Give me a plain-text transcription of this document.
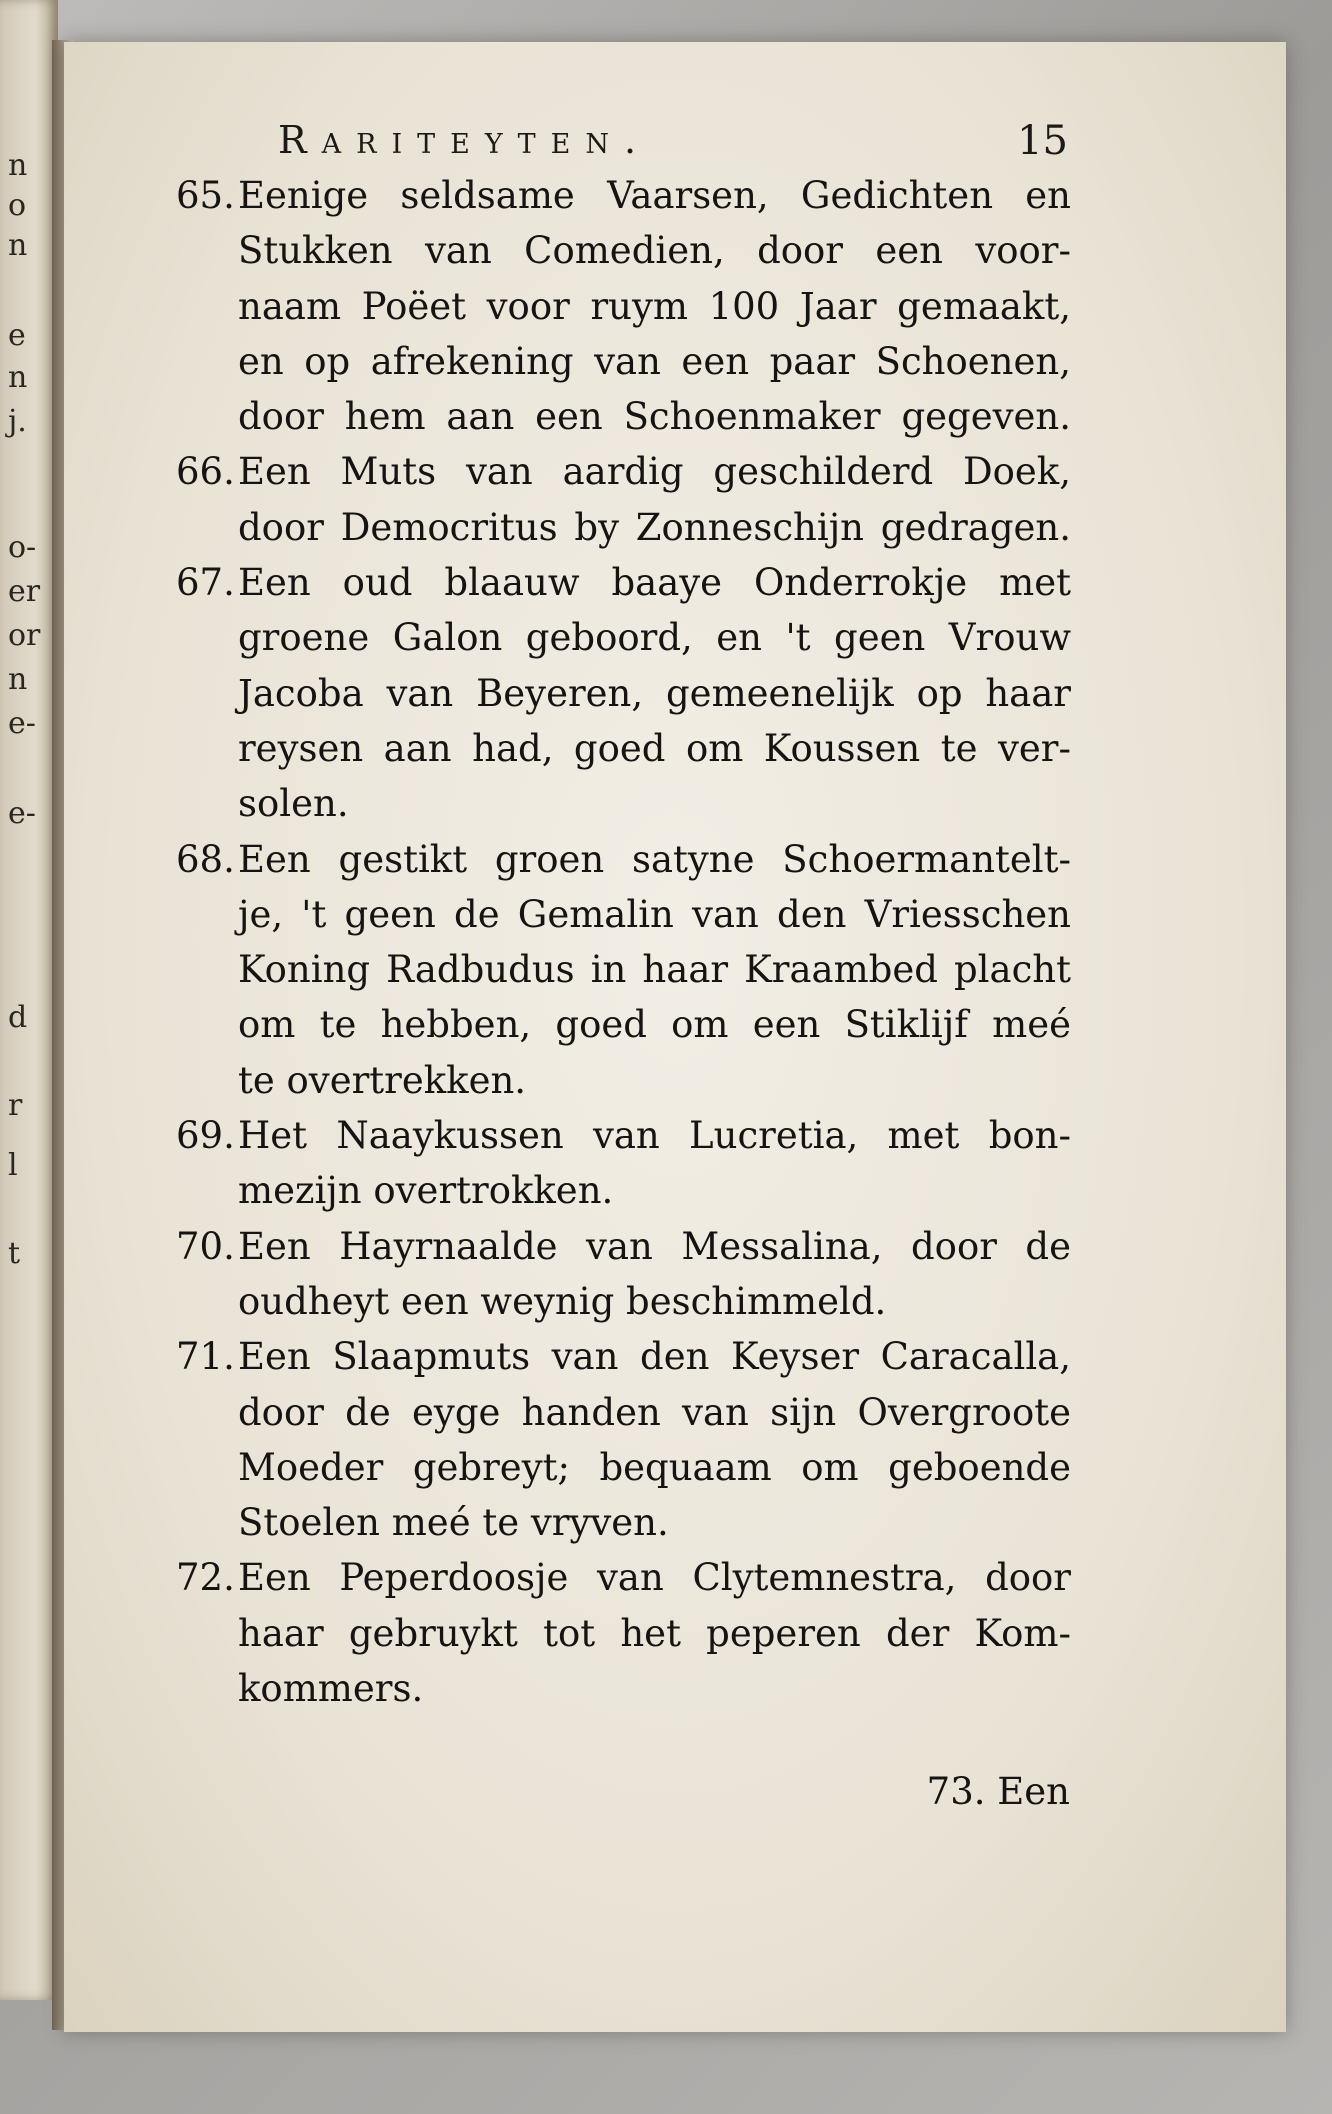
n
o
n
e
n
j.
o-
er
or
n
e-
e-
d
r
l
t
Rariteyten.	15
65. Eenige seldsame Vaarsen, Gedichten en
Stukken van Comedien, door een voor-
naam Poëet voor ruym 100 Jaar gemaakt,
en op afrekening van een paar Schoenen,
door hem aan een Schoenmaker gegeven.
66. Een Muts van aardig geschilderd Doek,
door Democritus by Zonneschijn gedragen.
67. Een oud blaauw baaye Onderrokje met
groene Galon geboord, en 't geen Vrouw
Jacoba van Beyeren, gemeenelijk op haar
reysen aan had, goed om Koussen te ver-
solen.
68. Een gestikt groen satyne Schoermantelt-
je, 't geen de Gemalin van den Vriesschen
Koning Radbudus in haar Kraambed placht
om te hebben, goed om een Stiklijf meé
te overtrekken.
69. Het Naaykussen van Lucretia, met bon-
mezijn overtrokken.
70. Een Hayrnaalde van Messalina, door de
oudheyt een weynig beschimmeld.
71. Een Slaapmuts van den Keyser Caracalla,
door de eyge handen van sijn Overgroote
Moeder gebreyt; bequaam om geboende
Stoelen meé te vryven.
72. Een Peperdoosje van Clytemnestra, door
haar gebruykt tot het peperen der Kom-
kommers.
73. Een
